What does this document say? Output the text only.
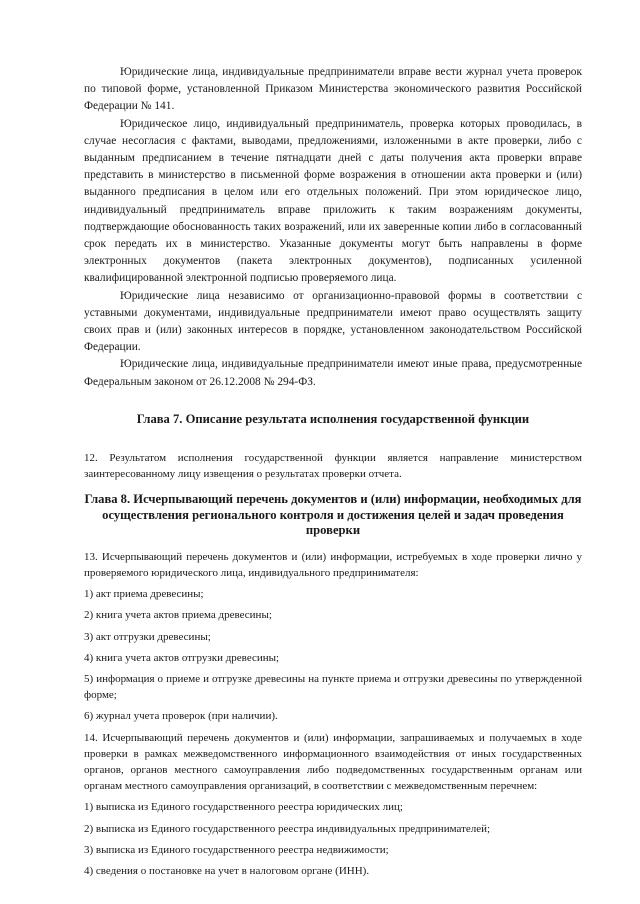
Юридические лица, индивидуальные предприниматели вправе вести журнал учета проверок по типовой форме, установленной Приказом Министерства экономического развития Российской Федерации № 141.

Юридическое лицо, индивидуальный предприниматель, проверка которых проводилась, в случае несогласия с фактами, выводами, предложениями, изложенными в акте проверки, либо с выданным предписанием в течение пятнадцати дней с даты получения акта проверки вправе представить в министерство в письменной форме возражения в отношении акта проверки и (или) выданного предписания в целом или его отдельных положений. При этом юридическое лицо, индивидуальный предприниматель вправе приложить к таким возражениям документы, подтверждающие обоснованность таких возражений, или их заверенные копии либо в согласованный срок передать их в министерство. Указанные документы могут быть направлены в форме электронных документов (пакета электронных документов), подписанных усиленной квалифицированной электронной подписью проверяемого лица.

Юридические лица независимо от организационно-правовой формы в соответствии с уставными документами, индивидуальные предприниматели имеют право осуществлять защиту своих прав и (или) законных интересов в порядке, установленном законодательством Российской Федерации.

Юридические лица, индивидуальные предприниматели имеют иные права, предусмотренные Федеральным законом от 26.12.2008 № 294-ФЗ.

Глава 7. Описание результата исполнения государственной функции

12. Результатом исполнения государственной функции является направление министерством заинтересованному лицу извещения о результатах проверки отчета.

Глава 8. Исчерпывающий перечень документов и (или) информации, необходимых для осуществления регионального контроля и достижения целей и задач проведения проверки

13. Исчерпывающий перечень документов и (или) информации, истребуемых в ходе проверки лично у проверяемого юридического лица, индивидуального предпринимателя:

1) акт приема древесины;

2) книга учета актов приема древесины;

3) акт отгрузки древесины;

4) книга учета актов отгрузки древесины;

5) информация о приеме и отгрузке древесины на пункте приема и отгрузки древесины по утвержденной форме;

6) журнал учета проверок (при наличии).

14. Исчерпывающий перечень документов и (или) информации, запрашиваемых и получаемых в ходе проверки в рамках межведомственного информационного взаимодействия от иных государственных органов, органов местного самоуправления либо подведомственных государственным органам или органам местного самоуправления организаций, в соответствии с межведомственным перечнем:

1) выписка из Единого государственного реестра юридических лиц;

2) выписка из Единого государственного реестра индивидуальных предпринимателей;

3) выписка из Единого государственного реестра недвижимости;

4) сведения о постановке на учет в налоговом органе (ИНН).
